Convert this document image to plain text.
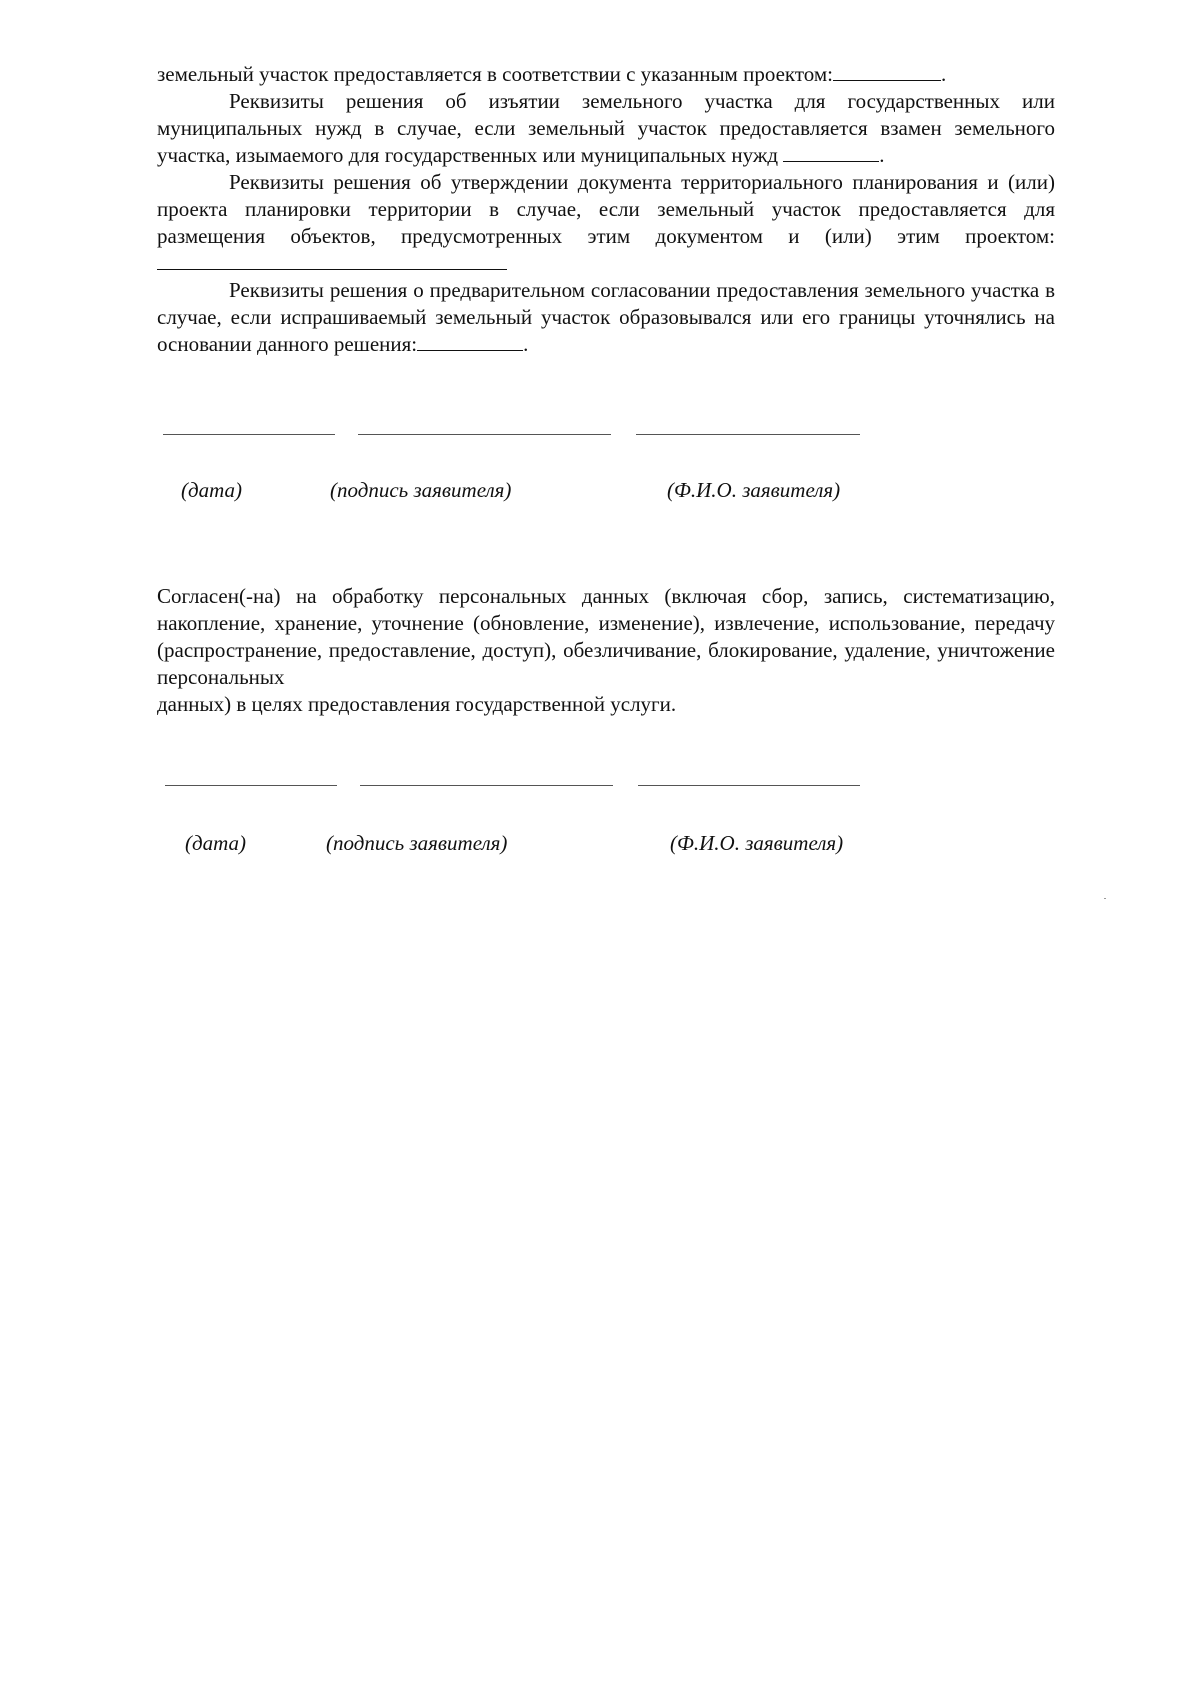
земельный участок предоставляется в соответствии с указанным проектом:	.

Реквизиты решения об изъятии земельного участка для государственных или муниципальных нужд в случае, если земельный участок предоставляется взамен земельного участка, изымаемого для государственных или муниципальных нужд	.

Реквизиты решения об утверждении документа территориального планирования и (или) проекта планировки территории в случае, если земельный участок предоставляется для размещения объектов, предусмотренных этим документом и (или) этим проектом:

Реквизиты решения о предварительном согласовании предоставления земельного участка в случае, если испрашиваемый земельный участок образовывался или его границы уточнялись на основании данного решения:	.

(дата)	(подпись заявителя)	(Ф.И.О. заявителя)

Согласен(-на) на обработку персональных данных (включая сбор, запись, систематизацию, накопление, хранение, уточнение (обновление, изменение), извлечение, использование, передачу (распространение, предоставление, доступ), обезличивание, блокирование, удаление, уничтожение персональных
данных) в целях предоставления государственной услуги.

(дата)	(подпись заявителя)	(Ф.И.О. заявителя)
